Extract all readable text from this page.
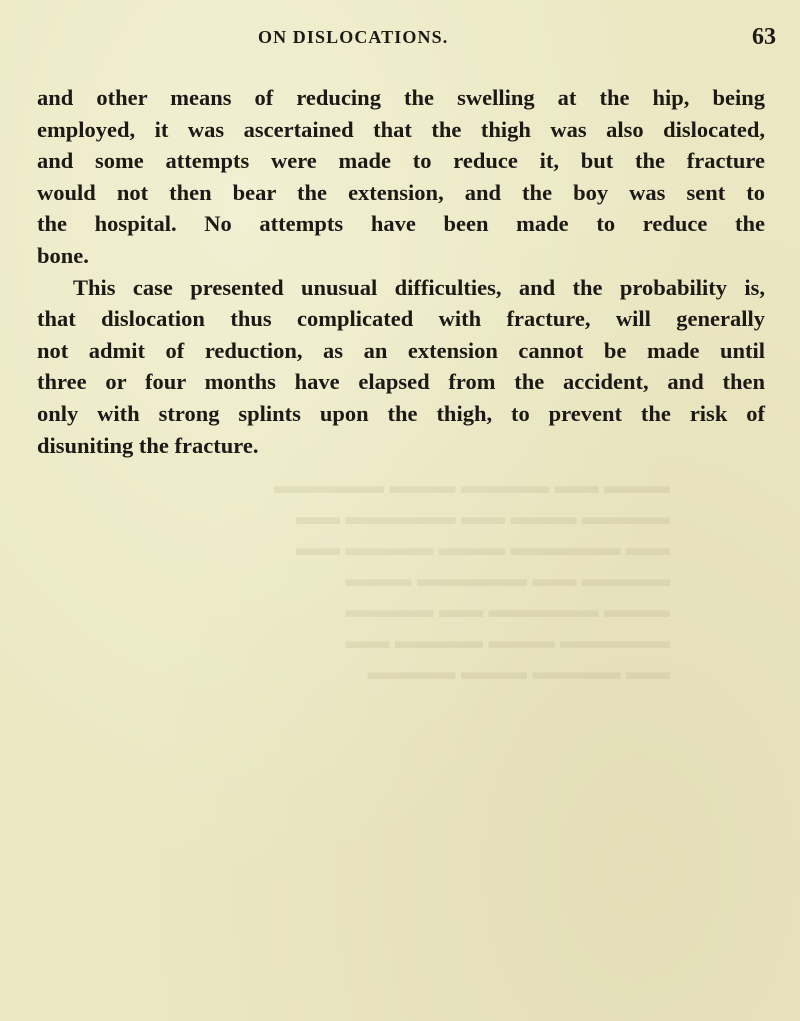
ON DISLOCATIONS.	63
▬▬▬ ▬▬ ▬▬▬▬ ▬▬▬ ▬▬▬▬▬
▬▬▬▬ ▬▬▬ ▬▬ ▬▬▬▬▬ ▬▬
▬▬ ▬▬▬▬▬ ▬▬▬ ▬▬▬▬ ▬▬
▬▬▬▬ ▬▬ ▬▬▬▬▬ ▬▬▬
▬▬▬ ▬▬▬▬▬ ▬▬ ▬▬▬▬
▬▬▬▬▬ ▬▬▬ ▬▬▬▬ ▬▬
▬▬ ▬▬▬▬ ▬▬▬ ▬▬▬▬
and other means of reducing the swelling at the hip, being
employed, it was ascertained that the thigh was also dislocated,
and some attempts were made to reduce it, but the fracture
would not then bear the extension, and the boy was sent to
the hospital. No attempts have been made to reduce the
bone.
This case presented unusual difficulties, and the probability is,
that dislocation thus complicated with fracture, will generally
not admit of reduction, as an extension cannot be made until
three or four months have elapsed from the accident, and then
only with strong splints upon the thigh, to prevent the risk of
disuniting the fracture.
